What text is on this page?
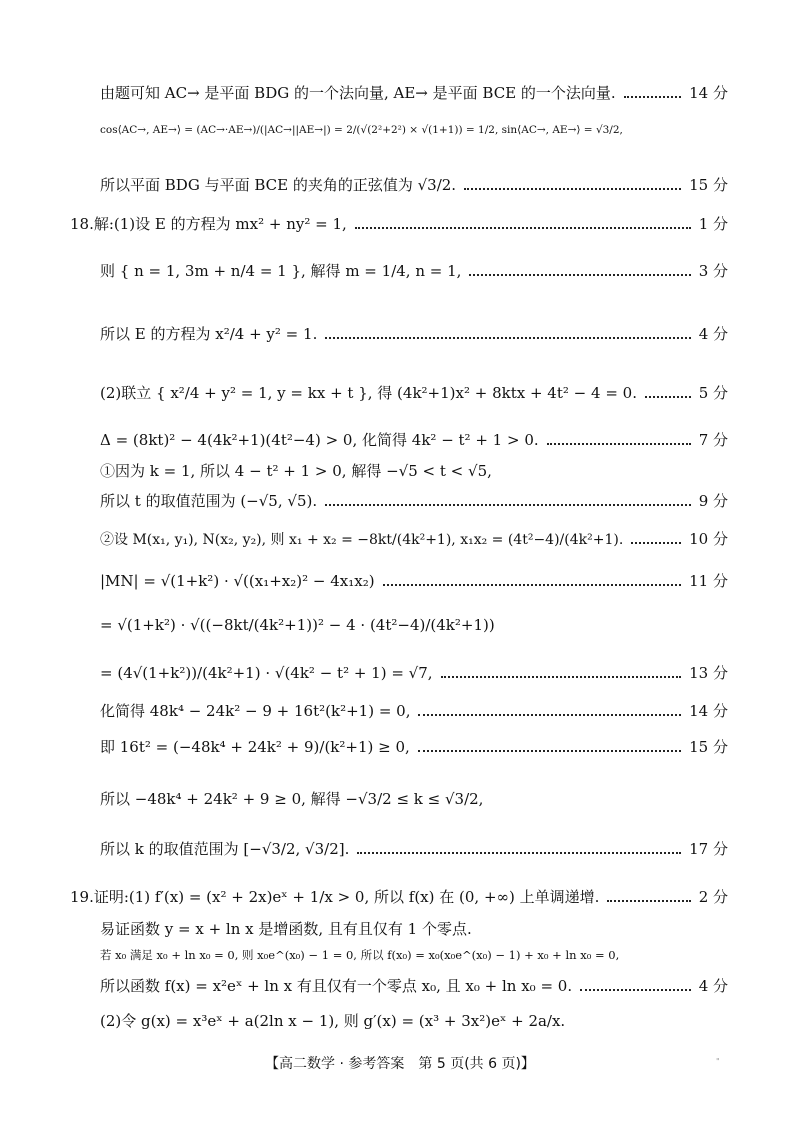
由题可知 AC→ 是平面 BDG 的一个法向量, AE→ 是平面 BCE 的一个法向量.	14 分
cos⟨AC→, AE→⟩ = (AC→·AE→)/(|AC→||AE→|) = 2/(√(2²+2²) × √(1+1)) = 1/2, sin⟨AC→, AE→⟩ = √3/2,
所以平面 BDG 与平面 BCE 的夹角的正弦值为 √3/2.	15 分
18.解:(1)设 E 的方程为 mx² + ny² = 1,	1 分
则 { n = 1, 3m + n/4 = 1 }, 解得 m = 1/4, n = 1,	3 分
所以 E 的方程为 x²/4 + y² = 1.	4 分
(2)联立 { x²/4 + y² = 1, y = kx + t }, 得 (4k²+1)x² + 8ktx + 4t² − 4 = 0.	5 分
Δ = (8kt)² − 4(4k²+1)(4t²−4) > 0, 化简得 4k² − t² + 1 > 0.	7 分
①因为 k = 1, 所以 4 − t² + 1 > 0, 解得 −√5 < t < √5,
所以 t 的取值范围为 (−√5, √5).	9 分
②设 M(x₁, y₁), N(x₂, y₂), 则 x₁ + x₂ = −8kt/(4k²+1), x₁x₂ = (4t²−4)/(4k²+1).	10 分
|MN| = √(1+k²) · √((x₁+x₂)² − 4x₁x₂)	11 分
= √(1+k²) · √((−8kt/(4k²+1))² − 4 · (4t²−4)/(4k²+1))
= (4√(1+k²))/(4k²+1) · √(4k² − t² + 1) = √7,	13 分
化简得 48k⁴ − 24k² − 9 + 16t²(k²+1) = 0,	14 分
即 16t² = (−48k⁴ + 24k² + 9)/(k²+1) ≥ 0,	15 分
所以 −48k⁴ + 24k² + 9 ≥ 0, 解得 −√3/2 ≤ k ≤ √3/2,
所以 k 的取值范围为 [−√3/2, √3/2].	17 分
19.证明:(1) f′(x) = (x² + 2x)eˣ + 1/x > 0, 所以 f(x) 在 (0, +∞) 上单调递增.	2 分
易证函数 y = x + ln x 是增函数, 且有且仅有 1 个零点.
若 x₀ 满足 x₀ + ln x₀ = 0, 则 x₀e^(x₀) − 1 = 0, 所以 f(x₀) = x₀(x₀e^(x₀) − 1) + x₀ + ln x₀ = 0,
所以函数 f(x) = x²eˣ + ln x 有且仅有一个零点 x₀, 且 x₀ + ln x₀ = 0.	4 分
(2)令 g(x) = x³eˣ + a(2ln x − 1), 则 g′(x) = (x³ + 3x²)eˣ + 2a/x.
【高二数学 · 参考答案　第 5 页(共 6 页)】	"
